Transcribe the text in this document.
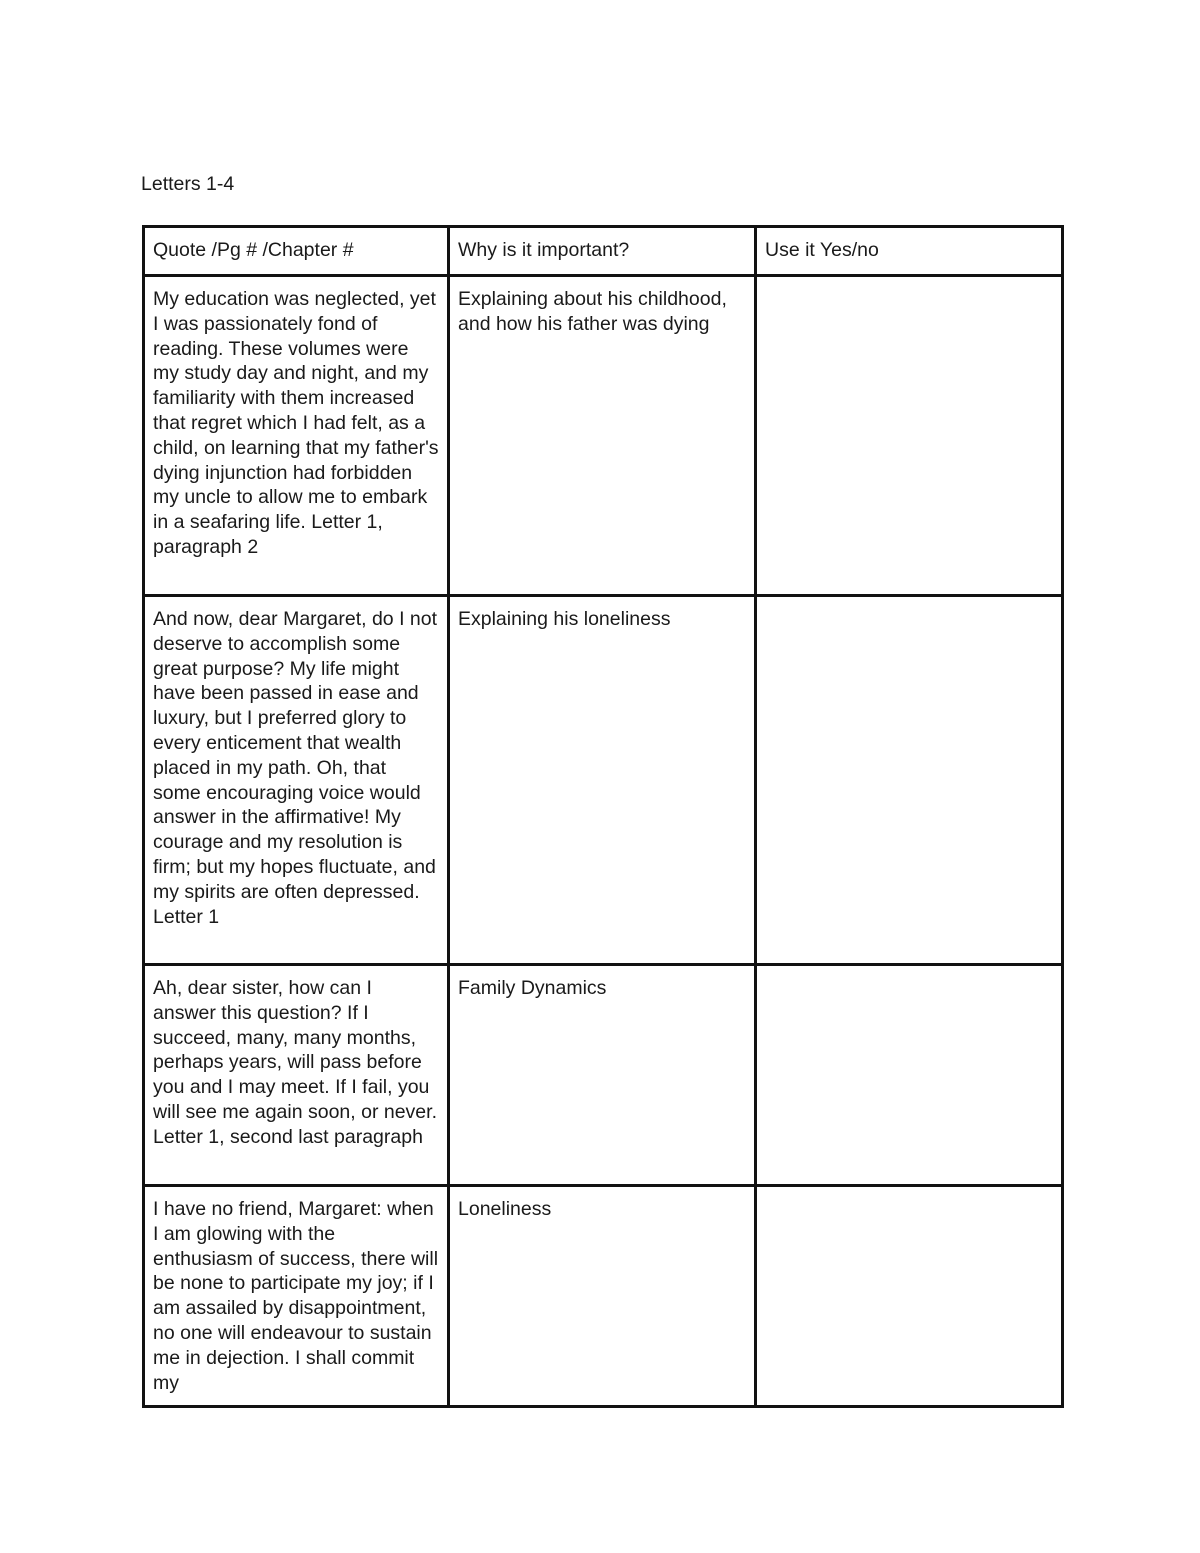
Letters 1-4
Quote /Pg # /Chapter #	Why is it important?	Use it Yes/no
My education was neglected, yet I was passionately fond of reading. These volumes were my study day and night, and my familiarity with them increased that regret which I had felt, as a child, on learning that my father's dying injunction had forbidden my uncle to allow me to embark in a seafaring life. Letter 1, paragraph 2	Explaining about his childhood, and how his father was dying	
And now, dear Margaret, do I not deserve to accomplish some great purpose? My life might have been passed in ease and luxury, but I preferred glory to every enticement that wealth placed in my path. Oh, that some encouraging voice would answer in the affirmative! My courage and my resolution is firm; but my hopes fluctuate, and my spirits are often depressed. Letter 1	Explaining his loneliness	
Ah, dear sister, how can I answer this question? If I succeed, many, many months, perhaps years, will pass before you and I may meet. If I fail, you will see me again soon, or never. Letter 1, second last paragraph	Family Dynamics	
I have no friend, Margaret: when I am glowing with the enthusiasm of success, there will be none to participate my joy; if I am assailed by disappointment, no one will endeavour to sustain me in dejection. I shall commit my	Loneliness	
